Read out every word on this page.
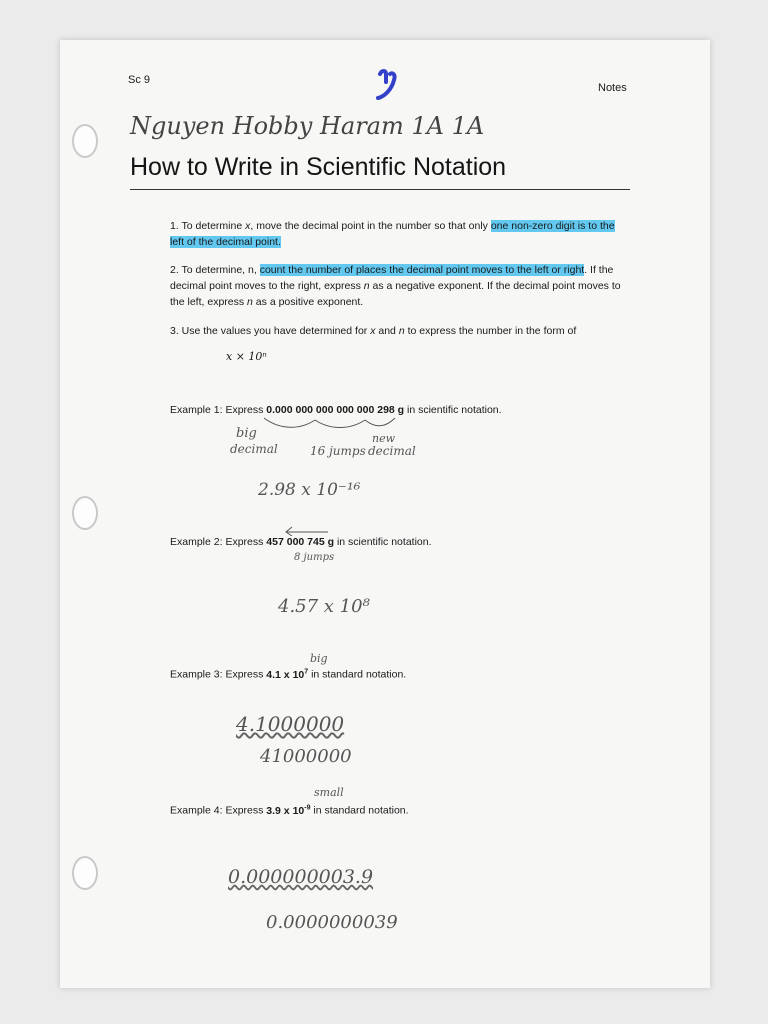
Sc 9
Notes
Nguyen Hobby Haram 1A 1A
How to Write in Scientific Notation
1. To determine x, move the decimal point in the number so that only one non-zero digit is to the left of the decimal point.
2. To determine, n, count the number of places the decimal point moves to the left or right. If the decimal point moves to the right, express n as a negative exponent. If the decimal point moves to the left, express n as a positive exponent.
3. Use the values you have determined for x and n to express the number in the form of
x × 10ⁿ
Example 1: Express 0.000 000 000 000 000 298 g in scientific notation.
big
decimal	16 jumps
new
decimal
2.98 x 10⁻¹⁶
Example 2: Express 457 000 745 g in scientific notation.
8 jumps
4.57 x 10⁸
big
Example 3: Express 4.1 x $10^7$ in standard notation.
4.1000000
41000000
small
Example 4: Express 3.9 x $10^{-9}$ in standard notation.
0.000000003.9
0.0000000039
